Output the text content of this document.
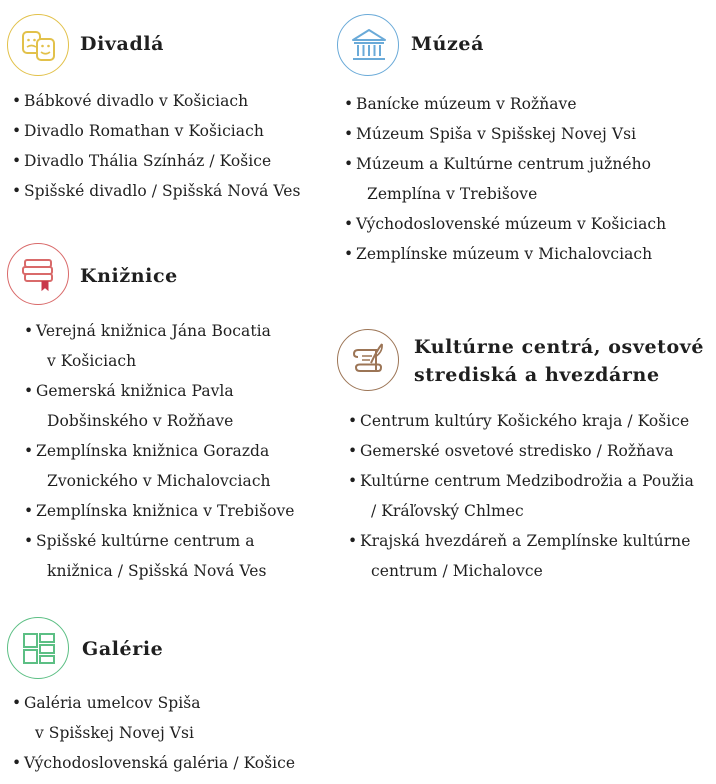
Divadlá
• Bábkové divadlo v Košiciach
• Divadlo Romathan v Košiciach
• Divadlo Thália Színház / Košice
• Spišské divadlo / Spišská Nová Ves
Múzeá
• Banícke múzeum v Rožňave
• Múzeum Spiša v Spišskej Novej Vsi
• Múzeum a Kultúrne centrum južného
Zemplína v Trebišove
• Východoslovenské múzeum v Košiciach
• Zemplínske múzeum v Michalovciach
Knižnice
• Verejná knižnica Jána Bocatia
v Košiciach
• Gemerská knižnica Pavla
Dobšinského v Rožňave
• Zemplínska knižnica Gorazda
Zvonického v Michalovciach
• Zemplínska knižnica v Trebišove
• Spišské kultúrne centrum a
knižnica / Spišská Nová Ves
Kultúrne centrá, osvetové
strediská a hvezdárne
• Centrum kultúry Košického kraja / Košice
• Gemerské osvetové stredisko / Rožňava
• Kultúrne centrum Medzibodrožia a Použia
/ Kráľovský Chlmec
• Krajská hvezdáreň a Zemplínske kultúrne
centrum / Michalovce
Galérie
• Galéria umelcov Spiša
v Spišskej Novej Vsi
• Východoslovenská galéria / Košice
